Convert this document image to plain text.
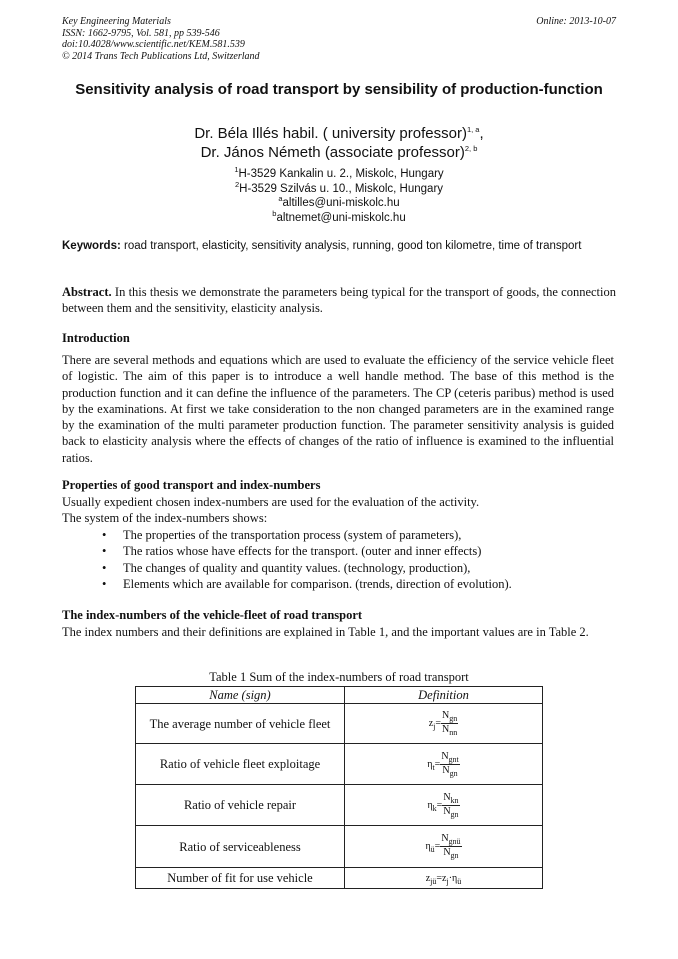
Key Engineering Materials
ISSN: 1662-9795, Vol. 581, pp 539-546
doi:10.4028/www.scientific.net/KEM.581.539
© 2014 Trans Tech Publications Ltd, Switzerland
Online: 2013-10-07
Sensitivity analysis of road transport by sensibility of production-function
Dr. Béla Illés habil. ( university professor)$^{1, a}$,
Dr. János Németh (associate professor)$^{2, b}$
$^1$H-3529 Kankalin u. 2., Miskolc, Hungary
$^2$H-3529 Szilvás u. 10., Miskolc, Hungary
$^a$altilles@uni-miskolc.hu
$^b$altnemet@uni-miskolc.hu
Keywords: road transport, elasticity, sensitivity analysis, running, good ton kilometre, time of transport
Abstract. In this thesis we demonstrate the parameters being typical for the transport of goods, the connection between them and the sensitivity, elasticity analysis.
Introduction
There are several methods and equations which are used to evaluate the efficiency of the service vehicle fleet of logistic. The aim of this paper is to introduce a well handle method. The base of this method is the production function and it can define the influence of the parameters. The CP (ceteris paribus) method is used by the examinations. At first we take consideration to the non changed parameters are in the examined range by the examination of the multi parameter production function. The parameter sensitivity analysis is guided back to elasticity analysis where the effects of changes of the ratio of influence is examined to the influential ratios.
Properties of good transport and index-numbers
Usually expedient chosen index-numbers are used for the evaluation of the activity.
The system of the index-numbers shows:
• The properties of the transportation process (system of parameters),
• The ratios whose have effects for the transport. (outer and inner effects)
• The changes of quality and quantity values. (technology, production),
• Elements which are available for comparison. (trends, direction of evolution).
The index-numbers of the vehicle-fleet of road transport
The index numbers and their definitions are explained in Table 1, and the important values are in Table 2.
Table 1 Sum of the index-numbers of road transport
Name (sign)	Definition
The average number of vehicle fleet	$z_j= \frac{N_{gn}}{N_{nn}}$

Ratio of vehicle fleet exploitage	$\eta_t= \frac{N_{gnt}}{N_{gn}}$

Ratio of vehicle repair	$\eta_k= \frac{N_{kn}}{N_{gn}}$

Ratio of serviceableness	$\eta_ü= \frac{N_{gnü}}{N_{gn}}$

Number of fit for use vehicle	$z_{jü}=z_j\cdot\eta_ü$
